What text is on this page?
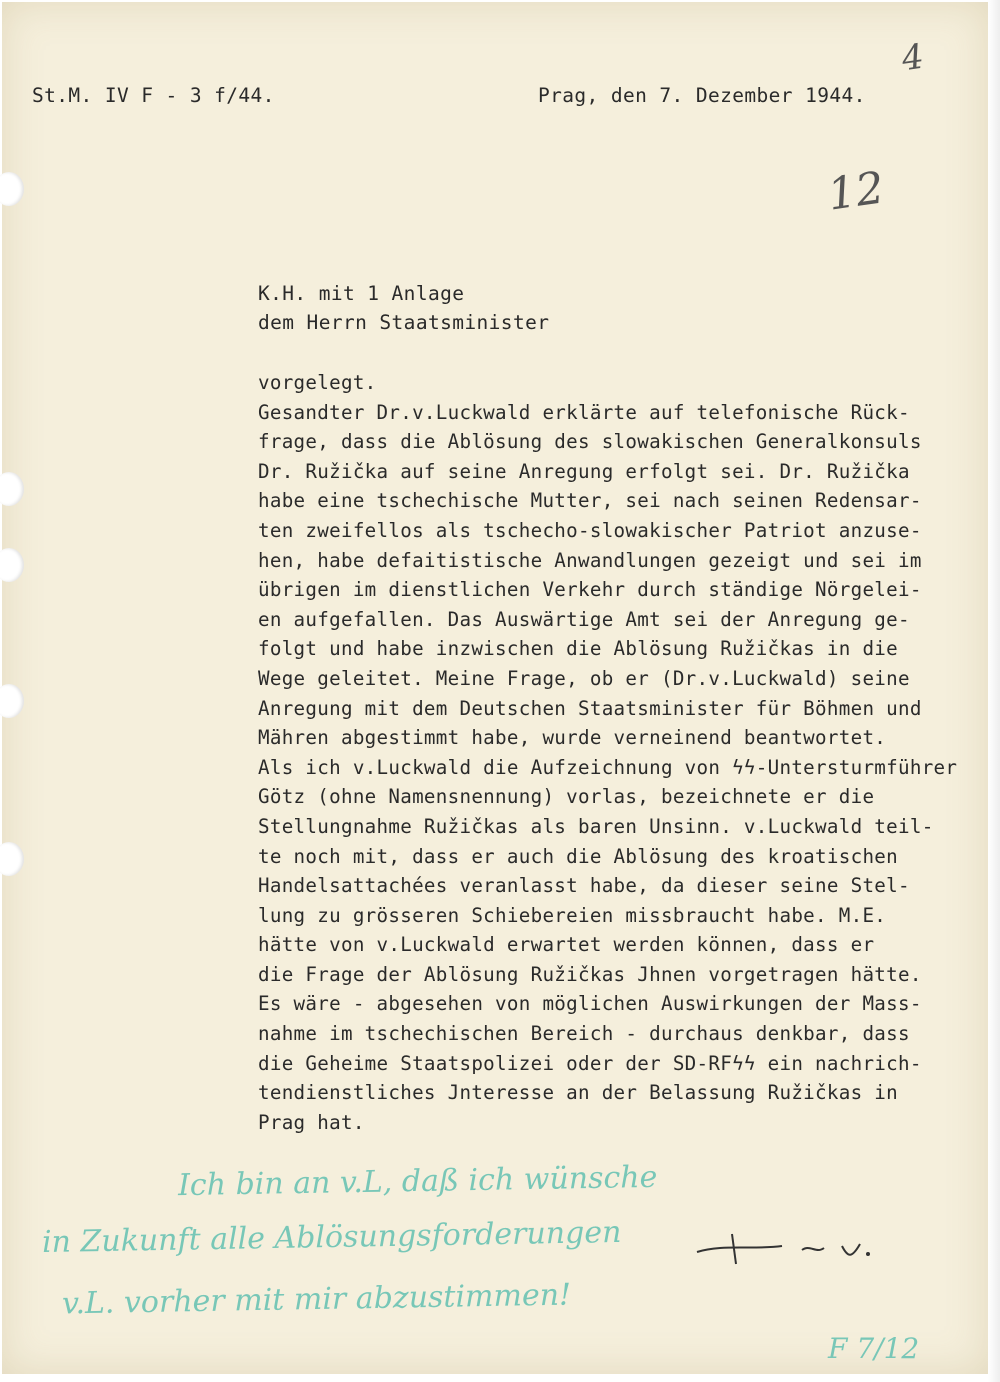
St.M. IV F - 3 f/44.	Prag, den 7. Dezember 1944.
4
12
K.H. mit 1 Anlage
dem Herrn Staatsminister
vorgelegt.
Gesandter Dr.v.Luckwald erklärte auf telefonische Rück-
frage, dass die Ablösung des slowakischen Generalkonsuls
Dr. Ružička auf seine Anregung erfolgt sei. Dr. Ružička
habe eine tschechische Mutter, sei nach seinen Redensar-
ten zweifellos als tschecho-slowakischer Patriot anzuse-
hen, habe defaitistische Anwandlungen gezeigt und sei im
übrigen im dienstlichen Verkehr durch ständige Nörgelei-
en aufgefallen. Das Auswärtige Amt sei der Anregung ge-
folgt und habe inzwischen die Ablösung Ružičkas in die
Wege geleitet. Meine Frage, ob er (Dr.v.Luckwald) seine
Anregung mit dem Deutschen Staatsminister für Böhmen und
Mähren abgestimmt habe, wurde verneinend beantwortet.
Als ich v.Luckwald die Aufzeichnung von ϟϟ-Untersturmführer
Götz (ohne Namensnennung) vorlas, bezeichnete er die
Stellungnahme Ružičkas als baren Unsinn. v.Luckwald teil-
te noch mit, dass er auch die Ablösung des kroatischen
Handelsattachées veranlasst habe, da dieser seine Stel-
lung zu grösseren Schiebereien missbraucht habe. M.E.
hätte von v.Luckwald erwartet werden können, dass er
die Frage der Ablösung Ružičkas Jhnen vorgetragen hätte.
Es wäre - abgesehen von möglichen Auswirkungen der Mass-
nahme im tschechischen Bereich - durchaus denkbar, dass
die Geheime Staatspolizei oder der SD-RFϟϟ ein nachrich-
tendienstliches Jnteresse an der Belassung Ružičkas in
Prag hat.
Ich bin an v.L, daß ich wünsche
in Zukunft alle Ablösungsforderungen
v.L. vorher mit mir abzustimmen!
F 7/12
